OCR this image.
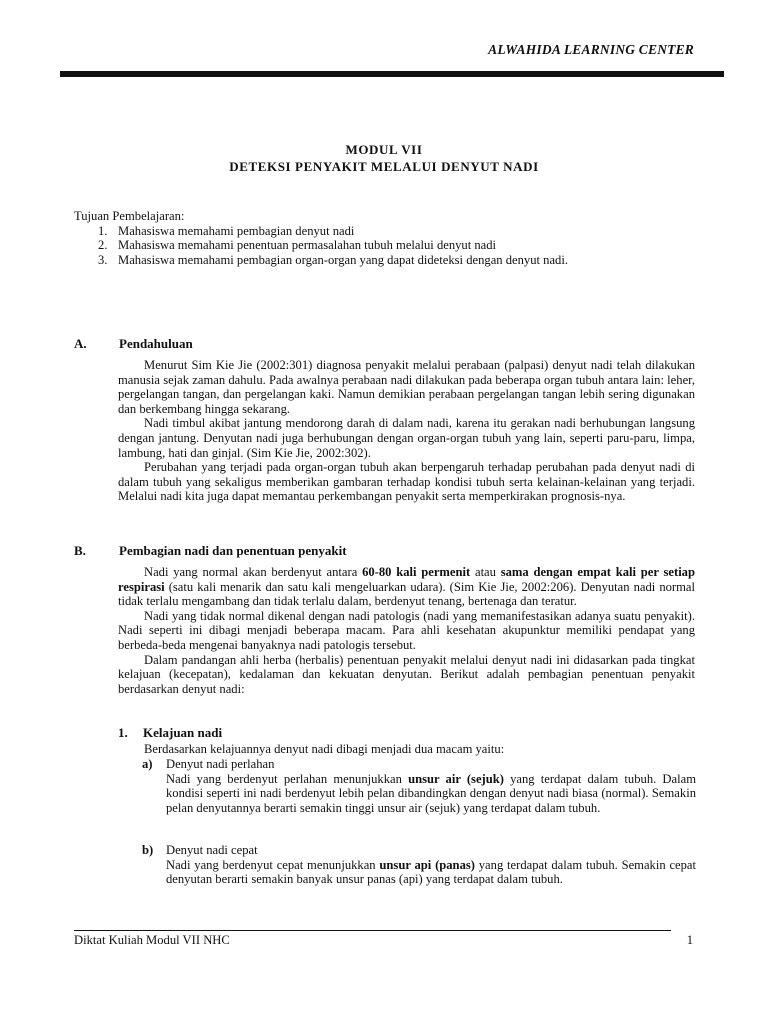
ALWAHIDA LEARNING CENTER
MODUL VII
DETEKSI PENYAKIT MELALUI DENYUT NADI
Tujuan Pembelajaran:
1. Mahasiswa memahami pembagian denyut nadi
2. Mahasiswa memahami penentuan permasalahan tubuh melalui denyut nadi
3. Mahasiswa memahami pembagian organ-organ yang dapat dideteksi dengan denyut nadi.
A. Pendahuluan

Menurut Sim Kie Jie (2002:301) diagnosa penyakit melalui perabaan (palpasi) denyut nadi telah dilakukan manusia sejak zaman dahulu. Pada awalnya perabaan nadi dilakukan pada beberapa organ tubuh antara lain: leher, pergelangan tangan, dan pergelangan kaki. Namun demikian perabaan pergelangan tangan lebih sering digunakan dan berkembang hingga sekarang.

Nadi timbul akibat jantung mendorong darah di dalam nadi, karena itu gerakan nadi berhubungan langsung dengan jantung. Denyutan nadi juga berhubungan dengan organ-organ tubuh yang lain, seperti paru-paru, limpa, lambung, hati dan ginjal. (Sim Kie Jie, 2002:302).

Perubahan yang terjadi pada organ-organ tubuh akan berpengaruh terhadap perubahan pada denyut nadi di dalam tubuh yang sekaligus memberikan gambaran terhadap kondisi tubuh serta kelainan-kelainan yang terjadi. Melalui nadi kita juga dapat memantau perkembangan penyakit serta memperkirakan prognosis-nya.

B.	Pembagian nadi dan penentuan penyakit

Nadi yang normal akan berdenyut antara 60-80 kali permenit atau sama dengan empat kali per setiap respirasi (satu kali menarik dan satu kali mengeluarkan udara). (Sim Kie Jie, 2002:206). Denyutan nadi normal tidak terlalu mengambang dan tidak terlalu dalam, berdenyut tenang, bertenaga dan teratur.

Nadi yang tidak normal dikenal dengan nadi patologis (nadi yang memanifestasikan adanya suatu penyakit). Nadi seperti ini dibagi menjadi beberapa macam. Para ahli kesehatan akupunktur memiliki pendapat yang berbeda-beda mengenai banyaknya nadi patologis tersebut.

Dalam pandangan ahli herba (herbalis) penentuan penyakit melalui denyut nadi ini didasarkan pada tingkat kelajuan (kecepatan), kedalaman dan kekuatan denyutan. Berikut adalah pembagian penentuan penyakit berdasarkan denyut nadi:

1. Kelajuan nadi
Berdasarkan kelajuannya denyut nadi dibagi menjadi dua macam yaitu:
a) Denyut nadi perlahan
Nadi yang berdenyut perlahan menunjukkan unsur air (sejuk) yang terdapat dalam tubuh. Dalam kondisi seperti ini nadi berdenyut lebih pelan dibandingkan dengan denyut nadi biasa (normal). Semakin pelan denyutannya berarti semakin tinggi unsur air (sejuk) yang terdapat dalam tubuh.
b) Denyut nadi cepat
Nadi yang berdenyut cepat menunjukkan unsur api (panas) yang terdapat dalam tubuh. Semakin cepat denyutan berarti semakin banyak unsur panas (api) yang terdapat dalam tubuh.
Diktat Kuliah Modul VII NHC	1
